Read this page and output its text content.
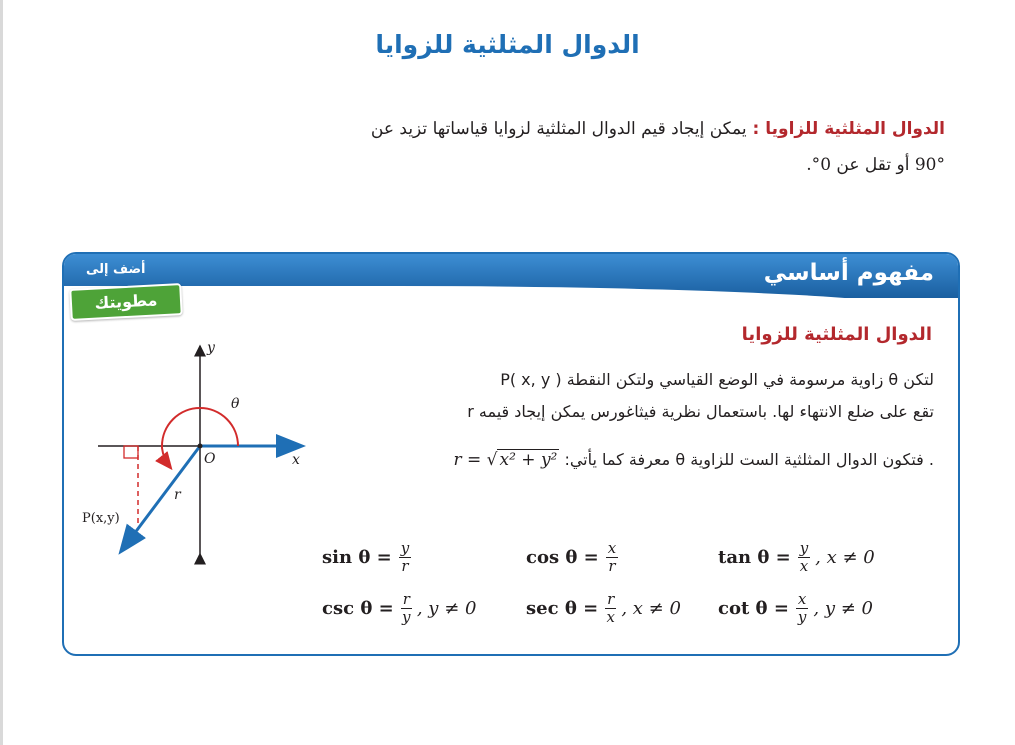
الدوال المثلثية للزوايا
الدوال المثلثية للزاويا : يمكن إيجاد قيم الدوال المثلثية لزوايا قياساتها تزيد عن
90° أو تقل عن 0°.
مفهوم أساسي
أضف إلى
مطويتك
الدوال المثلثية للزوايا
لتكن θ زاوية مرسومة في الوضع القياسي ولتكن النقطة ( P( x, y
تقع على ضلع الانتهاء لها. باستعمال نظرية فيثاغورس يمكن إيجاد قيمه r
. فتكون الدوال المثلثية الست للزاوية θ معرفة كما يأتي: r = √ x² + y²
y
x
O
θ
r
P(x,y)
$\sin \theta = \frac{y}{r}$	$\cos \theta = \frac{x}{r}$	$\tan \theta = \frac{y}{x}$ , x ≠ 0
$\csc \theta = \frac{r}{y}$ , y ≠ 0	$\sec \theta = \frac{r}{x}$ , x ≠ 0 $\cot \theta = \frac{x}{y}$ , y ≠ 0
